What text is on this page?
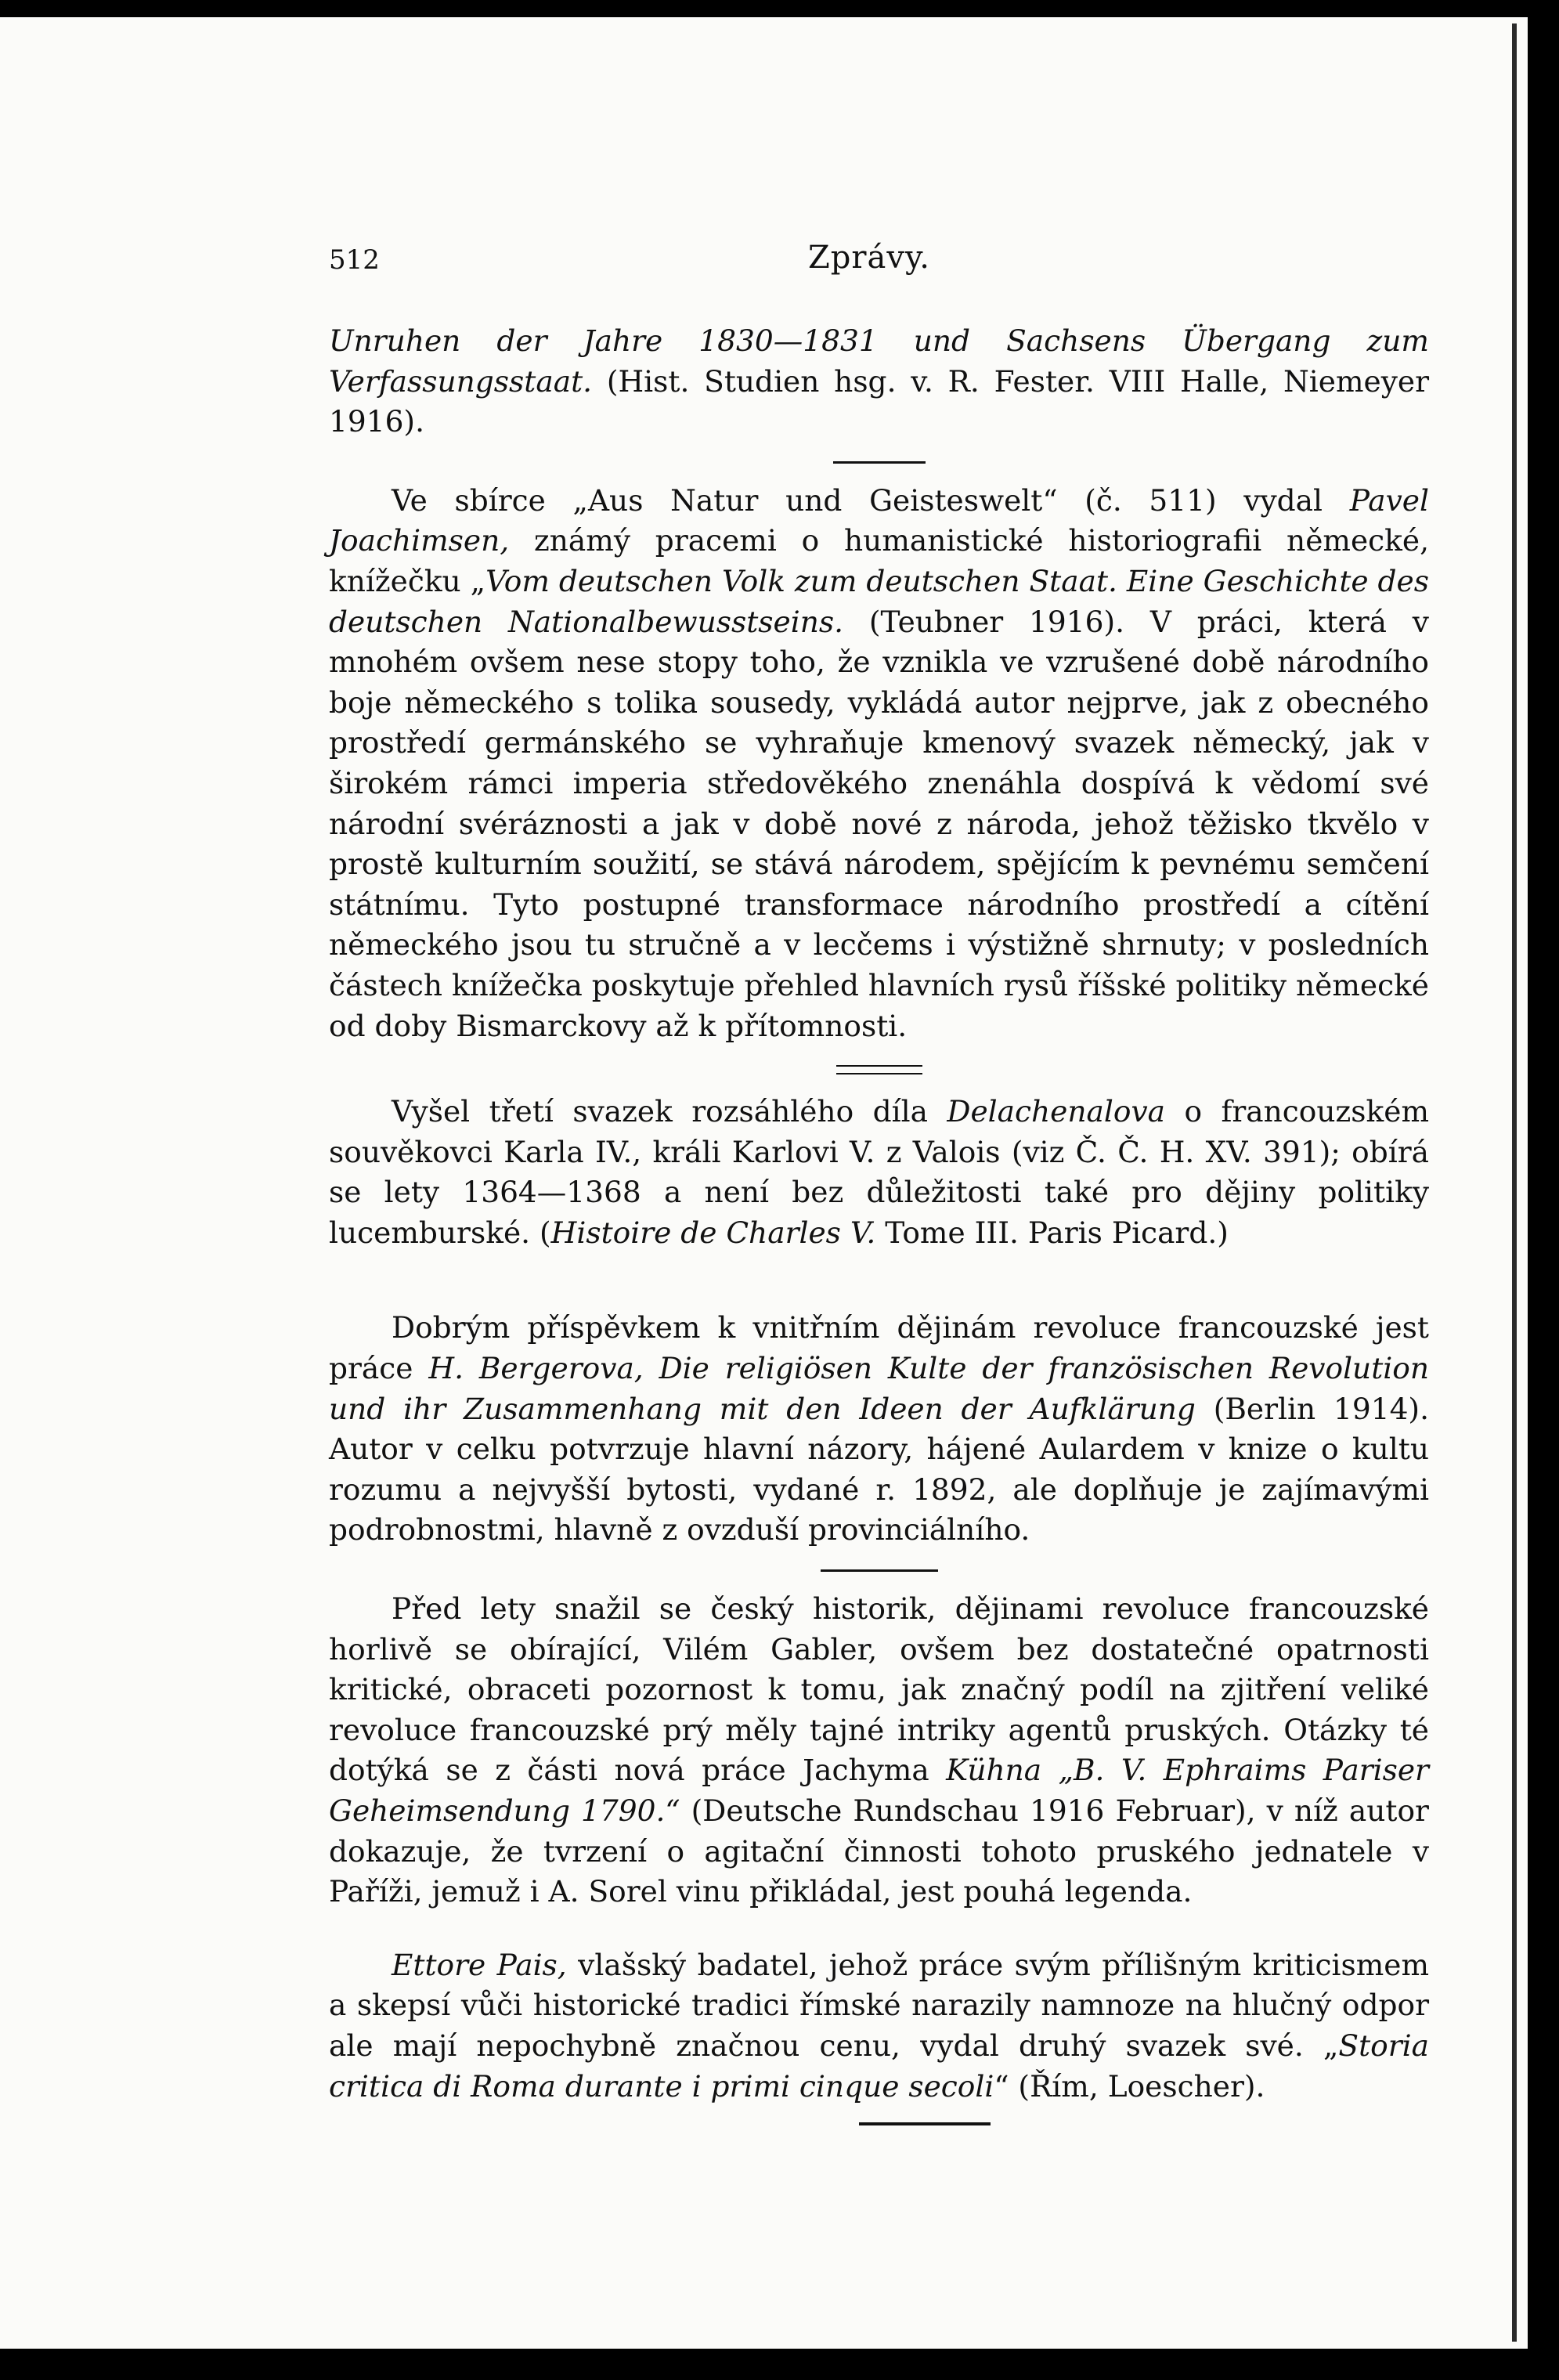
512	Zprávy.

Unruhen der Jahre 1830—1831 und Sachsens Übergang zum Verfassungsstaat. (Hist. Studien hsg. v. R. Fester. VIII Halle, Niemeyer 1916).

Ve sbírce „Aus Natur und Geisteswelt“ (č. 511) vydal Pavel Joachimsen, známý pracemi o humanistické historiografii německé, knížečku „Vom deutschen Volk zum deutschen Staat. Eine Geschichte des deutschen Nationalbewusstseins. (Teubner 1916). V práci, která v mnohém ovšem nese stopy toho, že vznikla ve vzrušené době národního boje německého s tolika sousedy, vykládá autor nejprve, jak z obecného prostředí germánského se vyhraňuje kmenový svazek německý, jak v širokém rámci imperia středověkého znenáhla dospívá k vědomí své národní svéráznosti a jak v době nové z národa, jehož těžisko tkvělo v prostě kulturním soužití, se stává národem, spějícím k pevnému semčení státnímu. Tyto postupné transformace národního prostředí a cítění německého jsou tu stručně a v lecčems i výstižně shrnuty; v posledních částech knížečka poskytuje přehled hlavních rysů říšské politiky německé od doby Bismarckovy až k přítomnosti.

Vyšel třetí svazek rozsáhlého díla Delachenalova o francouzském souvěkovci Karla IV., králi Karlovi V. z Valois (viz Č. Č. H. XV. 391); obírá se lety 1364—1368 a není bez důležitosti také pro dějiny politiky lucemburské. (Histoire de Charles V. Tome III. Paris Picard.)

Dobrým příspěvkem k vnitřním dějinám revoluce francouzské jest práce H. Bergerova, Die religiösen Kulte der französischen Revolution und ihr Zusammenhang mit den Ideen der Aufklärung (Berlin 1914). Autor v celku potvrzuje hlavní názory, hájené Aulardem v knize o kultu rozumu a nejvyšší bytosti, vydané r. 1892, ale doplňuje je zajímavými podrobnostmi, hlavně z ovzduší provinciálního.

Před lety snažil se český historik, dějinami revoluce francouzské horlivě se obírající, Vilém Gabler, ovšem bez dostatečné opatrnosti kritické, obraceti pozornost k tomu, jak značný podíl na zjitření veliké revoluce francouzské prý měly tajné intriky agentů pruských. Otázky té dotýká se z části nová práce Jachyma Kühna „B. V. Ephraims Pariser Geheimsendung 1790.“ (Deutsche Rundschau 1916 Februar), v níž autor dokazuje, že tvrzení o agitační činnosti tohoto pruského jednatele v Paříži, jemuž i A. Sorel vinu přikládal, jest pouhá legenda.

Ettore Pais, vlašský badatel, jehož práce svým přílišným kriticismem a skepsí vůči historické tradici římské narazily namnoze na hlučný odpor ale mají nepochybně značnou cenu, vydal druhý svazek své. „Storia critica di Roma durante i primi cinque secoli“ (Řím, Loescher).
